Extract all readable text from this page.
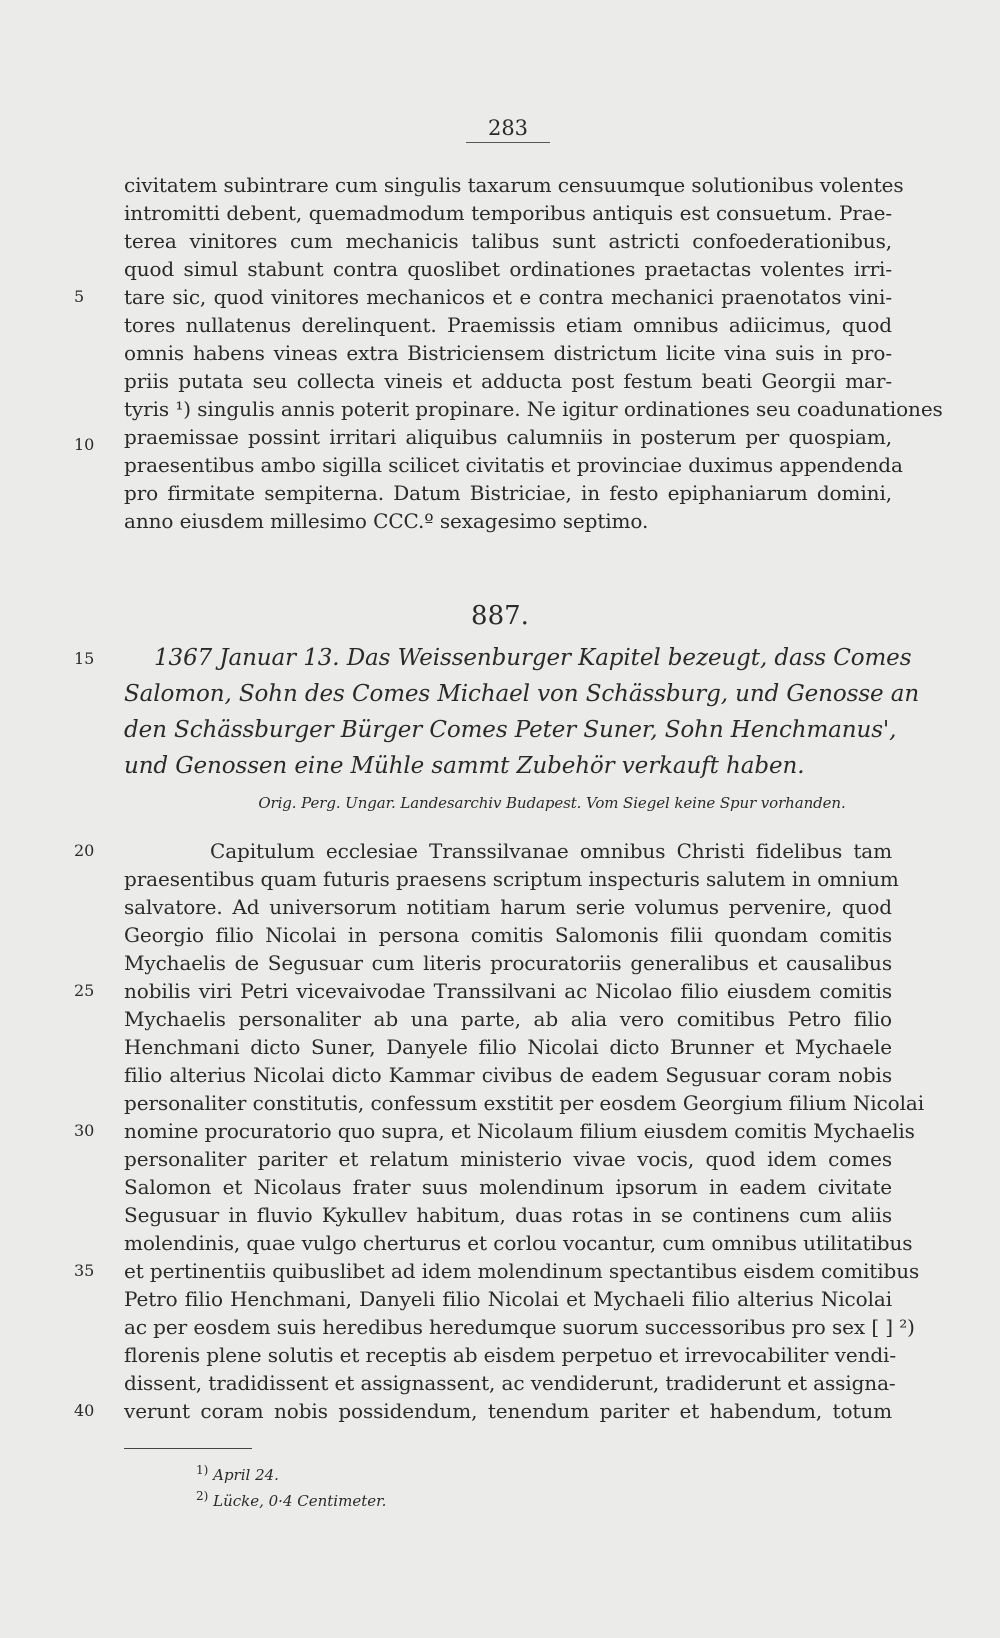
283
civitatem subintrare cum singulis taxarum censuumque solutionibus volentes
intromitti debent, quemadmodum temporibus antiquis est consuetum. Prae-
terea vinitores cum mechanicis talibus sunt astricti confoederationibus,
quod simul stabunt contra quoslibet ordinationes praetactas volentes irri-
tare sic, quod vinitores mechanicos et e contra mechanici praenotatos vini-
tores nullatenus derelinquent. Praemissis etiam omnibus adiicimus, quod
omnis habens vineas extra Bistriciensem districtum licite vina suis in pro-
priis putata seu collecta vineis et adducta post festum beati Georgii mar-
tyris ¹) singulis annis poterit propinare. Ne igitur ordinationes seu coadunationes
praemissae possint irritari aliquibus calumniis in posterum per quospiam,
praesentibus ambo sigilla scilicet civitatis et provinciae duximus appendenda
pro firmitate sempiterna. Datum Bistriciae, in festo epiphaniarum domini,
anno eiusdem millesimo CCC.º sexagesimo septimo.
887.
1367 Januar 13. Das Weissenburger Kapitel bezeugt, dass Comes
Salomon, Sohn des Comes Michael von Schässburg, und Genosse an
den Schässburger Bürger Comes Peter Suner, Sohn Henchmanus',
und Genossen eine Mühle sammt Zubehör verkauft haben.
Orig. Perg. Ungar. Landesarchiv Budapest. Vom Siegel keine Spur vorhanden.
Capitulum ecclesiae Transsilvanae omnibus Christi fidelibus tam
praesentibus quam futuris praesens scriptum inspecturis salutem in omnium
salvatore. Ad universorum notitiam harum serie volumus pervenire, quod
Georgio filio Nicolai in persona comitis Salomonis filii quondam comitis
Mychaelis de Segusuar cum literis procuratoriis generalibus et causalibus
nobilis viri Petri vicevaivodae Transsilvani ac Nicolao filio eiusdem comitis
Mychaelis personaliter ab una parte, ab alia vero comitibus Petro filio
Henchmani dicto Suner, Danyele filio Nicolai dicto Brunner et Mychaele
filio alterius Nicolai dicto Kammar civibus de eadem Segusuar coram nobis
personaliter constitutis, confessum exstitit per eosdem Georgium filium Nicolai
nomine procuratorio quo supra, et Nicolaum filium eiusdem comitis Mychaelis
personaliter pariter et relatum ministerio vivae vocis, quod idem comes
Salomon et Nicolaus frater suus molendinum ipsorum in eadem civitate
Segusuar in fluvio Kykullev habitum, duas rotas in se continens cum aliis
molendinis, quae vulgo cherturus et corlou vocantur, cum omnibus utilitatibus
et pertinentiis quibuslibet ad idem molendinum spectantibus eisdem comitibus
Petro filio Henchmani, Danyeli filio Nicolai et Mychaeli filio alterius Nicolai
ac per eosdem suis heredibus heredumque suorum successoribus pro sex [ ] ²)
florenis plene solutis et receptis ab eisdem perpetuo et irrevocabiliter vendi-
dissent, tradidissent et assignassent, ac vendiderunt, tradiderunt et assigna-
verunt coram nobis possidendum, tenendum pariter et habendum, totum
5
10
15
20
25
30
35
40
$^{1)}$ April 24.
$^{2)}$ Lücke, 0·4 Centimeter.
